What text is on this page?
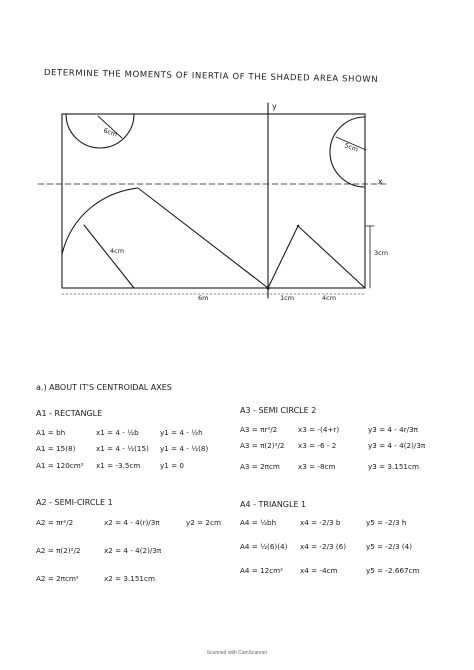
DETERMINE THE MOMENTS OF INERTIA OF THE SHADED AREA SHOWN
y
x
6cm
5cm
4cm	3cm
6m	1cm	4cm
a.) ABOUT IT'S CENTROIDAL AXES
A1 - RECTANGLE
A1 = bh	x1 = 4 - ½b	y1 = 4 - ½h
A1 = 15(8)	x1 = 4 - ½(15) y1 = 4 - ½(8)
A1 = 120cm² x1 = -3.5cm	y1 = 0
A3 - SEMI CIRCLE 2
A3 = πr²/2	x3 = -(4+r)	y3 = 4 - 4r/3π
A3 = π(2)²/2 x3 = -6 - 2	y3 = 4 - 4(2)/3π
A3 = 2πcm	x3 = -8cm	y3 = 3.151cm
A2 - SEMI-CIRCLE 1
A2 = πr²/2	x2 = 4 - 4(r)/3π	y2 = 2cm
A2 = π(2)²/2	x2 = 4 - 4(2)/3π
A2 = 2πcm²	x2 = 3.151cm
A4 - TRIANGLE 1
A4 = ½bh	x4 = -2/3 b	y5 = -2/3 h
A4 = ½(6)(4) x4 = -2/3 (6)	y5 = -2/3 (4)
A4 = 12cm² x4 = -4cm	y5 = -2.667cm
Scanned with CamScanner
